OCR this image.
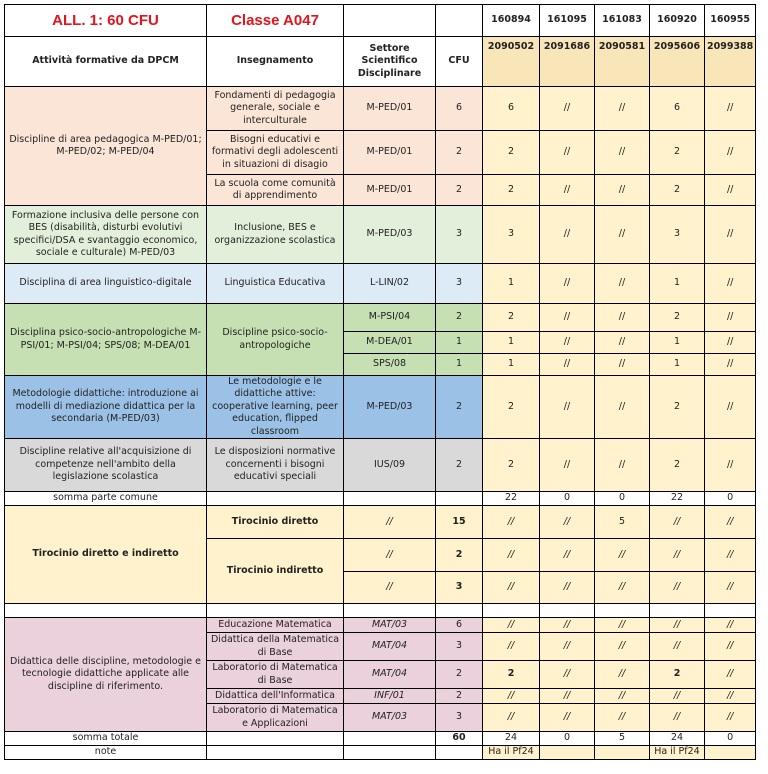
ALL. 1: 60 CFU	Classe A047			160894	161095	161083	160920	160955
Attività formative da DPCM	Insegnamento	Settore Scientifico Disciplinare	CFU	2090502	2091686	2090581	2095606	2099388
Discipline di area pedagogica M-PED/01; M-PED/02; M-PED/04	Fondamenti di pedagogia generale, sociale e interculturale	M-PED/01	6	6	//	//	6	//
	Bisogni educativi e formativi degli adolescenti in situazioni di disagio	M-PED/01	2	2	//	//	2	//
	La scuola come comunità di apprendimento	M-PED/01	2	2	//	//	2	//
Formazione inclusiva delle persone con BES (disabilità, disturbi evolutivi specifici/DSA e svantaggio economico, sociale e culturale) M-PED/03	Inclusione, BES e organizzazione scolastica	M-PED/03	3	3	//	//	3	//
Disciplina di area linguistico-digitale	Linguistica Educativa	L-LIN/02	3	1	//	//	1	//
Disciplina psico-socio-antropologiche M-PSI/01; M-PSI/04; SPS/08; M-DEA/01	Discipline psico-socio-antropologiche	M-PSI/04	2	2	//	//	2	//
		M-DEA/01	1	1	//	//	1	//
		SPS/08	1	1	//	//	1	//
Metodologie didattiche: introduzione ai modelli di mediazione didattica per la secondaria (M-PED/03)	Le metodologie e le didattiche attive: cooperative learning, peer education, flipped classroom	M-PED/03	2	2	//	//	2	//
Discipline relative all'acquisizione di competenze nell'ambito della legislazione scolastica	Le disposizioni normative concernenti i bisogni educativi speciali	IUS/09	2	2	//	//	2	//
somma parte comune				22	0	0	22	0
Tirocinio diretto e indiretto	Tirocinio diretto	//	15	//	//	5	//	//
	Tirocinio indiretto	//	2	//	//	//	//	//
		//	3	//	//	//	//	//

Didattica delle discipline, metodologie e tecnologie didattiche applicate alle discipline di riferimento.	Educazione Matematica	MAT/03	6	//	//	//	//	//
	Didattica della Matematica di Base	MAT/04	3	//	//	//	//	//
	Laboratorio di Matematica di Base	MAT/04	2	2	//	//	2	//
	Didattica dell'Informatica	INF/01	2	//	//	//	//	//
	Laboratorio di Matematica e Applicazioni	MAT/03	3	//	//	//	//	//
somma totale			60	24	0	5	24	0
note				Ha il Pf24			Ha il Pf24	
